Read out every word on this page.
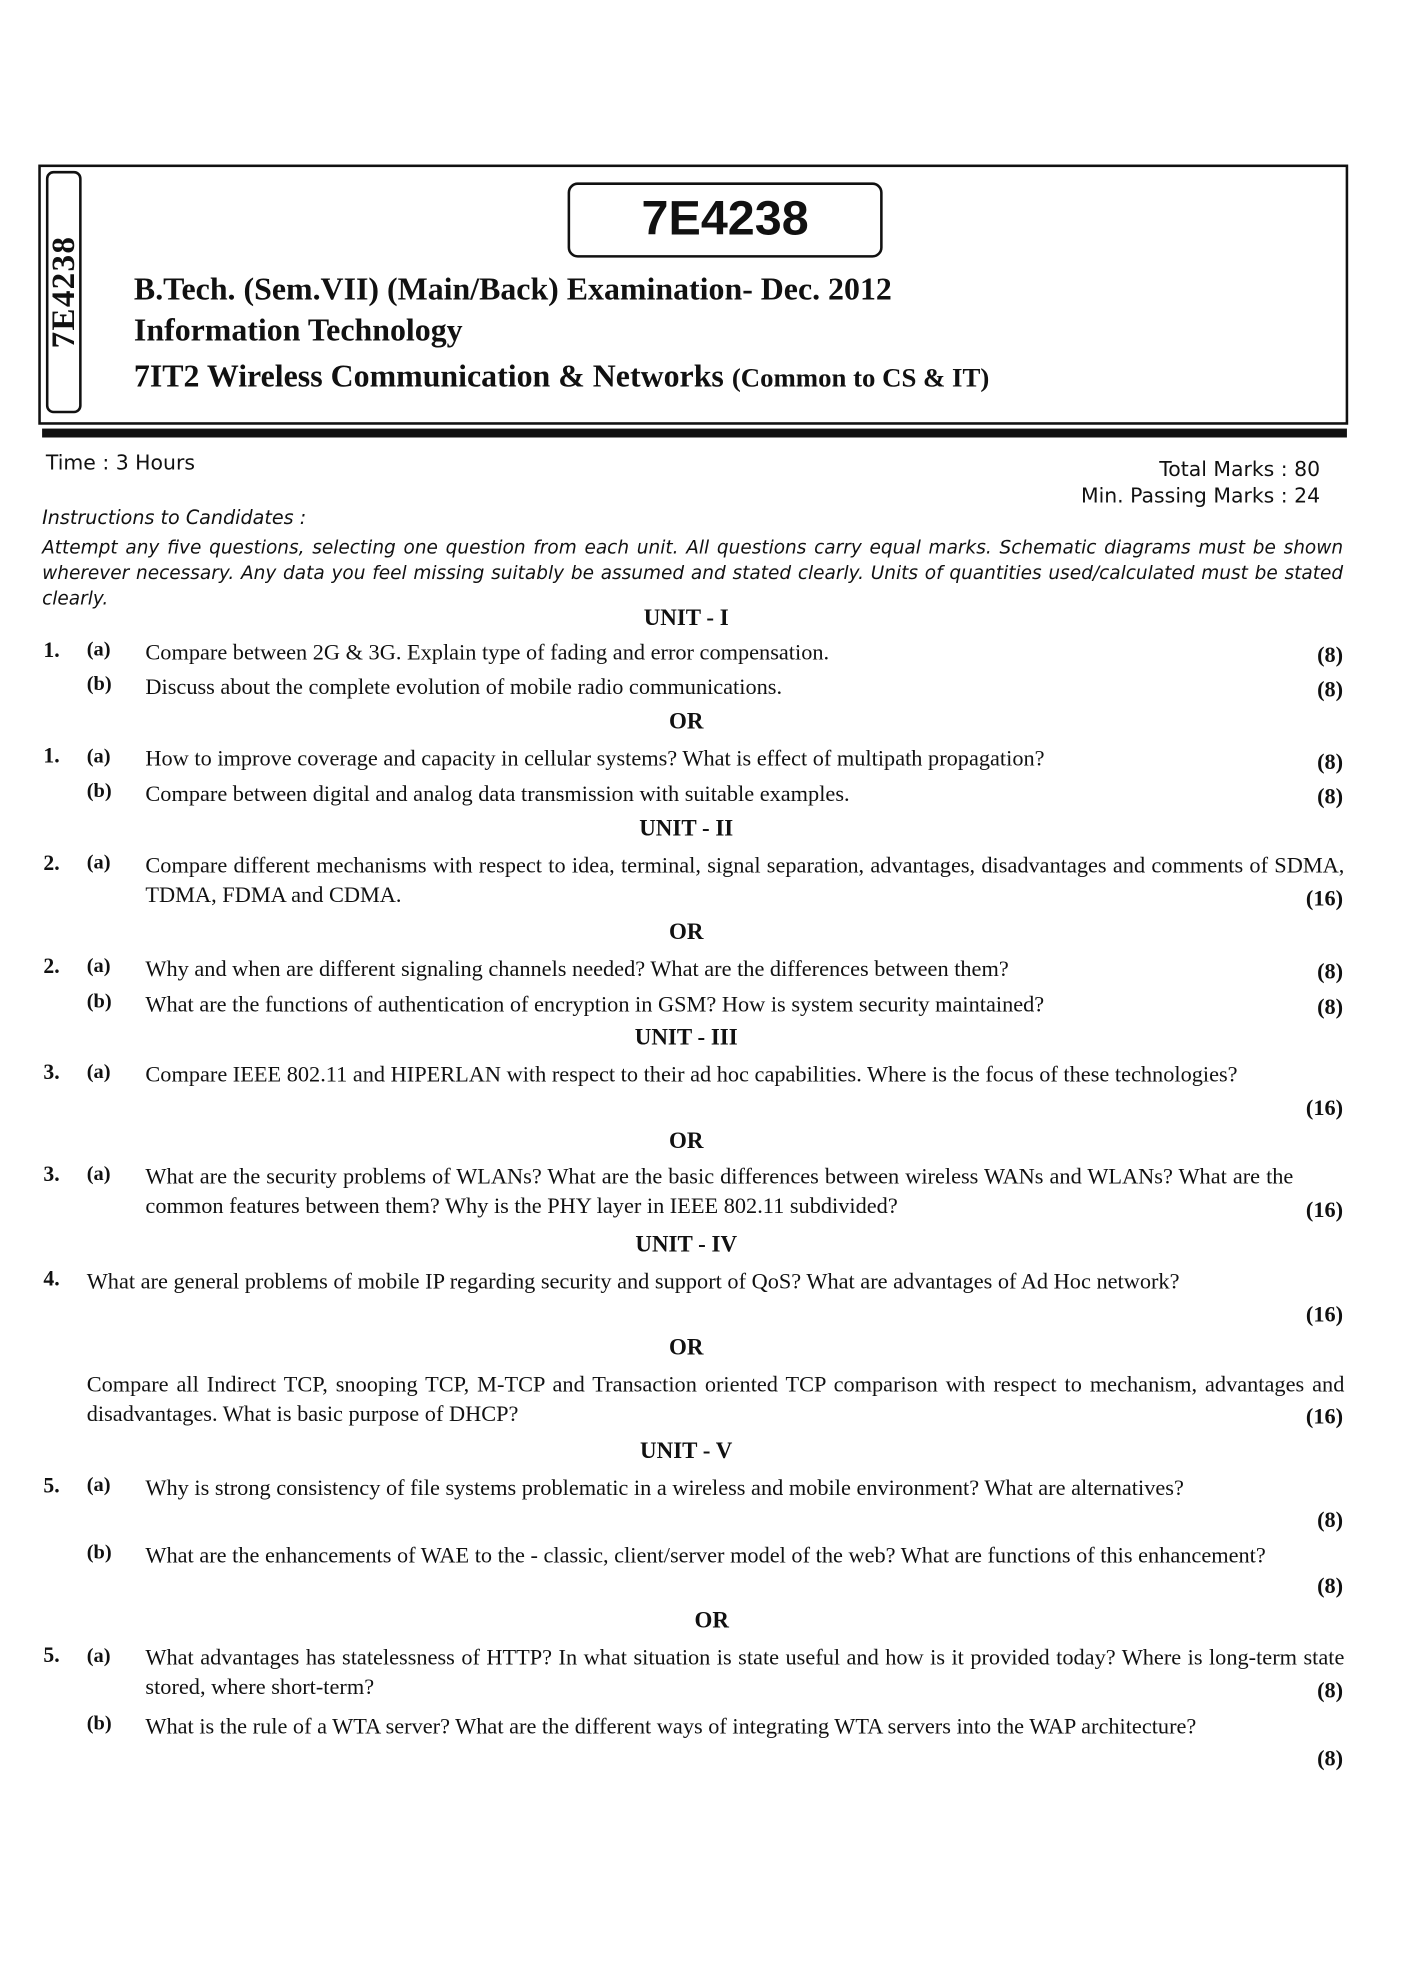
7E4238
7E4238
B.Tech. (Sem.VII) (Main/Back) Examination- Dec. 2012
Information Technology
7IT2 Wireless Communication & Networks (Common to CS & IT)
Time : 3 Hours	Total Marks : 80
Min. Passing Marks : 24
Instructions to Candidates :
Attempt any five questions, selecting one question from each unit. All questions carry equal marks. Schematic diagrams must be shown wherever necessary. Any data you feel missing suitably be assumed and stated clearly. Units of quantities used/calculated must be stated clearly.
UNIT - I
1. (a) Compare between 2G & 3G. Explain type of fading and error compensation.	(8)
(b) Discuss about the complete evolution of mobile radio communications.	(8)
OR
1. (a) How to improve coverage and capacity in cellular systems? What is effect of multipath propagation?	(8)
(b) Compare between digital and analog data transmission with suitable examples.	(8)
UNIT - II
2. (a) Compare different mechanisms with respect to idea, terminal, signal separation, advantages, disadvantages and comments of SDMA, TDMA, FDMA and CDMA.	(16)
OR
2. (a) Why and when are different signaling channels needed? What are the differences between them?	(8)
(b) What are the functions of authentication of encryption in GSM? How is system security maintained?	(8)
UNIT - III
3. (a) Compare IEEE 802.11 and HIPERLAN with respect to their ad hoc capabilities. Where is the focus of these technologies?
(16)
OR
3. (a) What are the security problems of WLANs? What are the basic differences between wireless WANs and WLANs? What are the common features between them? Why is the PHY layer in IEEE 802.11 subdivided?	(16)
UNIT - IV
4. What are general problems of mobile IP regarding security and support of QoS? What are advantages of Ad Hoc network?
(16)
OR
Compare all Indirect TCP, snooping TCP, M-TCP and Transaction oriented TCP comparison with respect to mechanism, advantages and disadvantages. What is basic purpose of DHCP?	(16)
UNIT - V
5. (a) Why is strong consistency of file systems problematic in a wireless and mobile environment? What are alternatives?
(8)
(b) What are the enhancements of WAE to the - classic, client/server model of the web? What are functions of this enhancement?
(8)
OR
5. (a) What advantages has statelessness of HTTP? In what situation is state useful and how is it provided today? Where is long-term state stored, where short-term?	(8)
(b) What is the rule of a WTA server? What are the different ways of integrating WTA servers into the WAP architecture?
(8)
